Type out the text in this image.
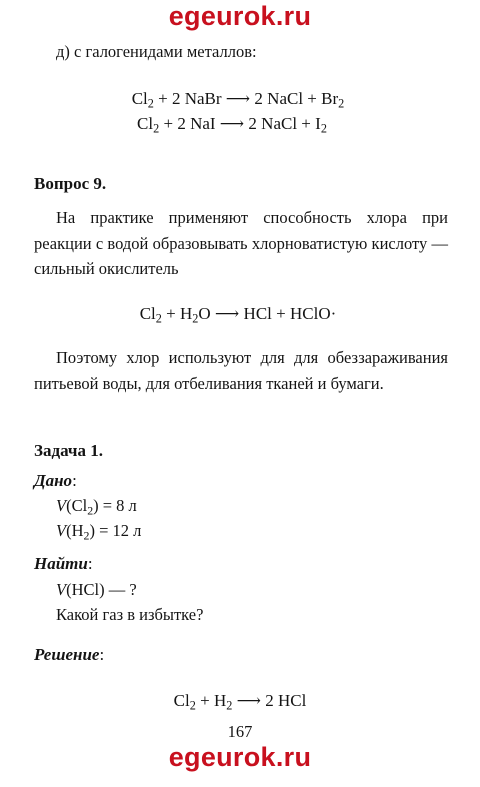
egeurok.ru
д) с галогенидами металлов:
$Cl_2 + 2$ NaBr ⟶ 2 NaCl + $Br_2$
$Cl_2 + 2$ NaI ⟶ 2 NaCl + $I_2$
Вопрос 9.
На практике применяют способность хлора при реакции с водой образовывать хлорноватистую кислоту — сильный окислитель
$Cl_2 + H_2O$ ⟶ HCl + HClO·
Поэтому хлор используют для для обеззараживания питьевой воды, для отбеливания тканей и бумаги.
Задача 1.
Дано:
$V(Cl_2) = 8$ л
$V(H_2) = 12$ л
Найти:
V(HCl) — ?
Какой газ в избытке?
Решение:
$Cl_2 + H_2$ ⟶ 2 HCl
167
egeurok.ru
